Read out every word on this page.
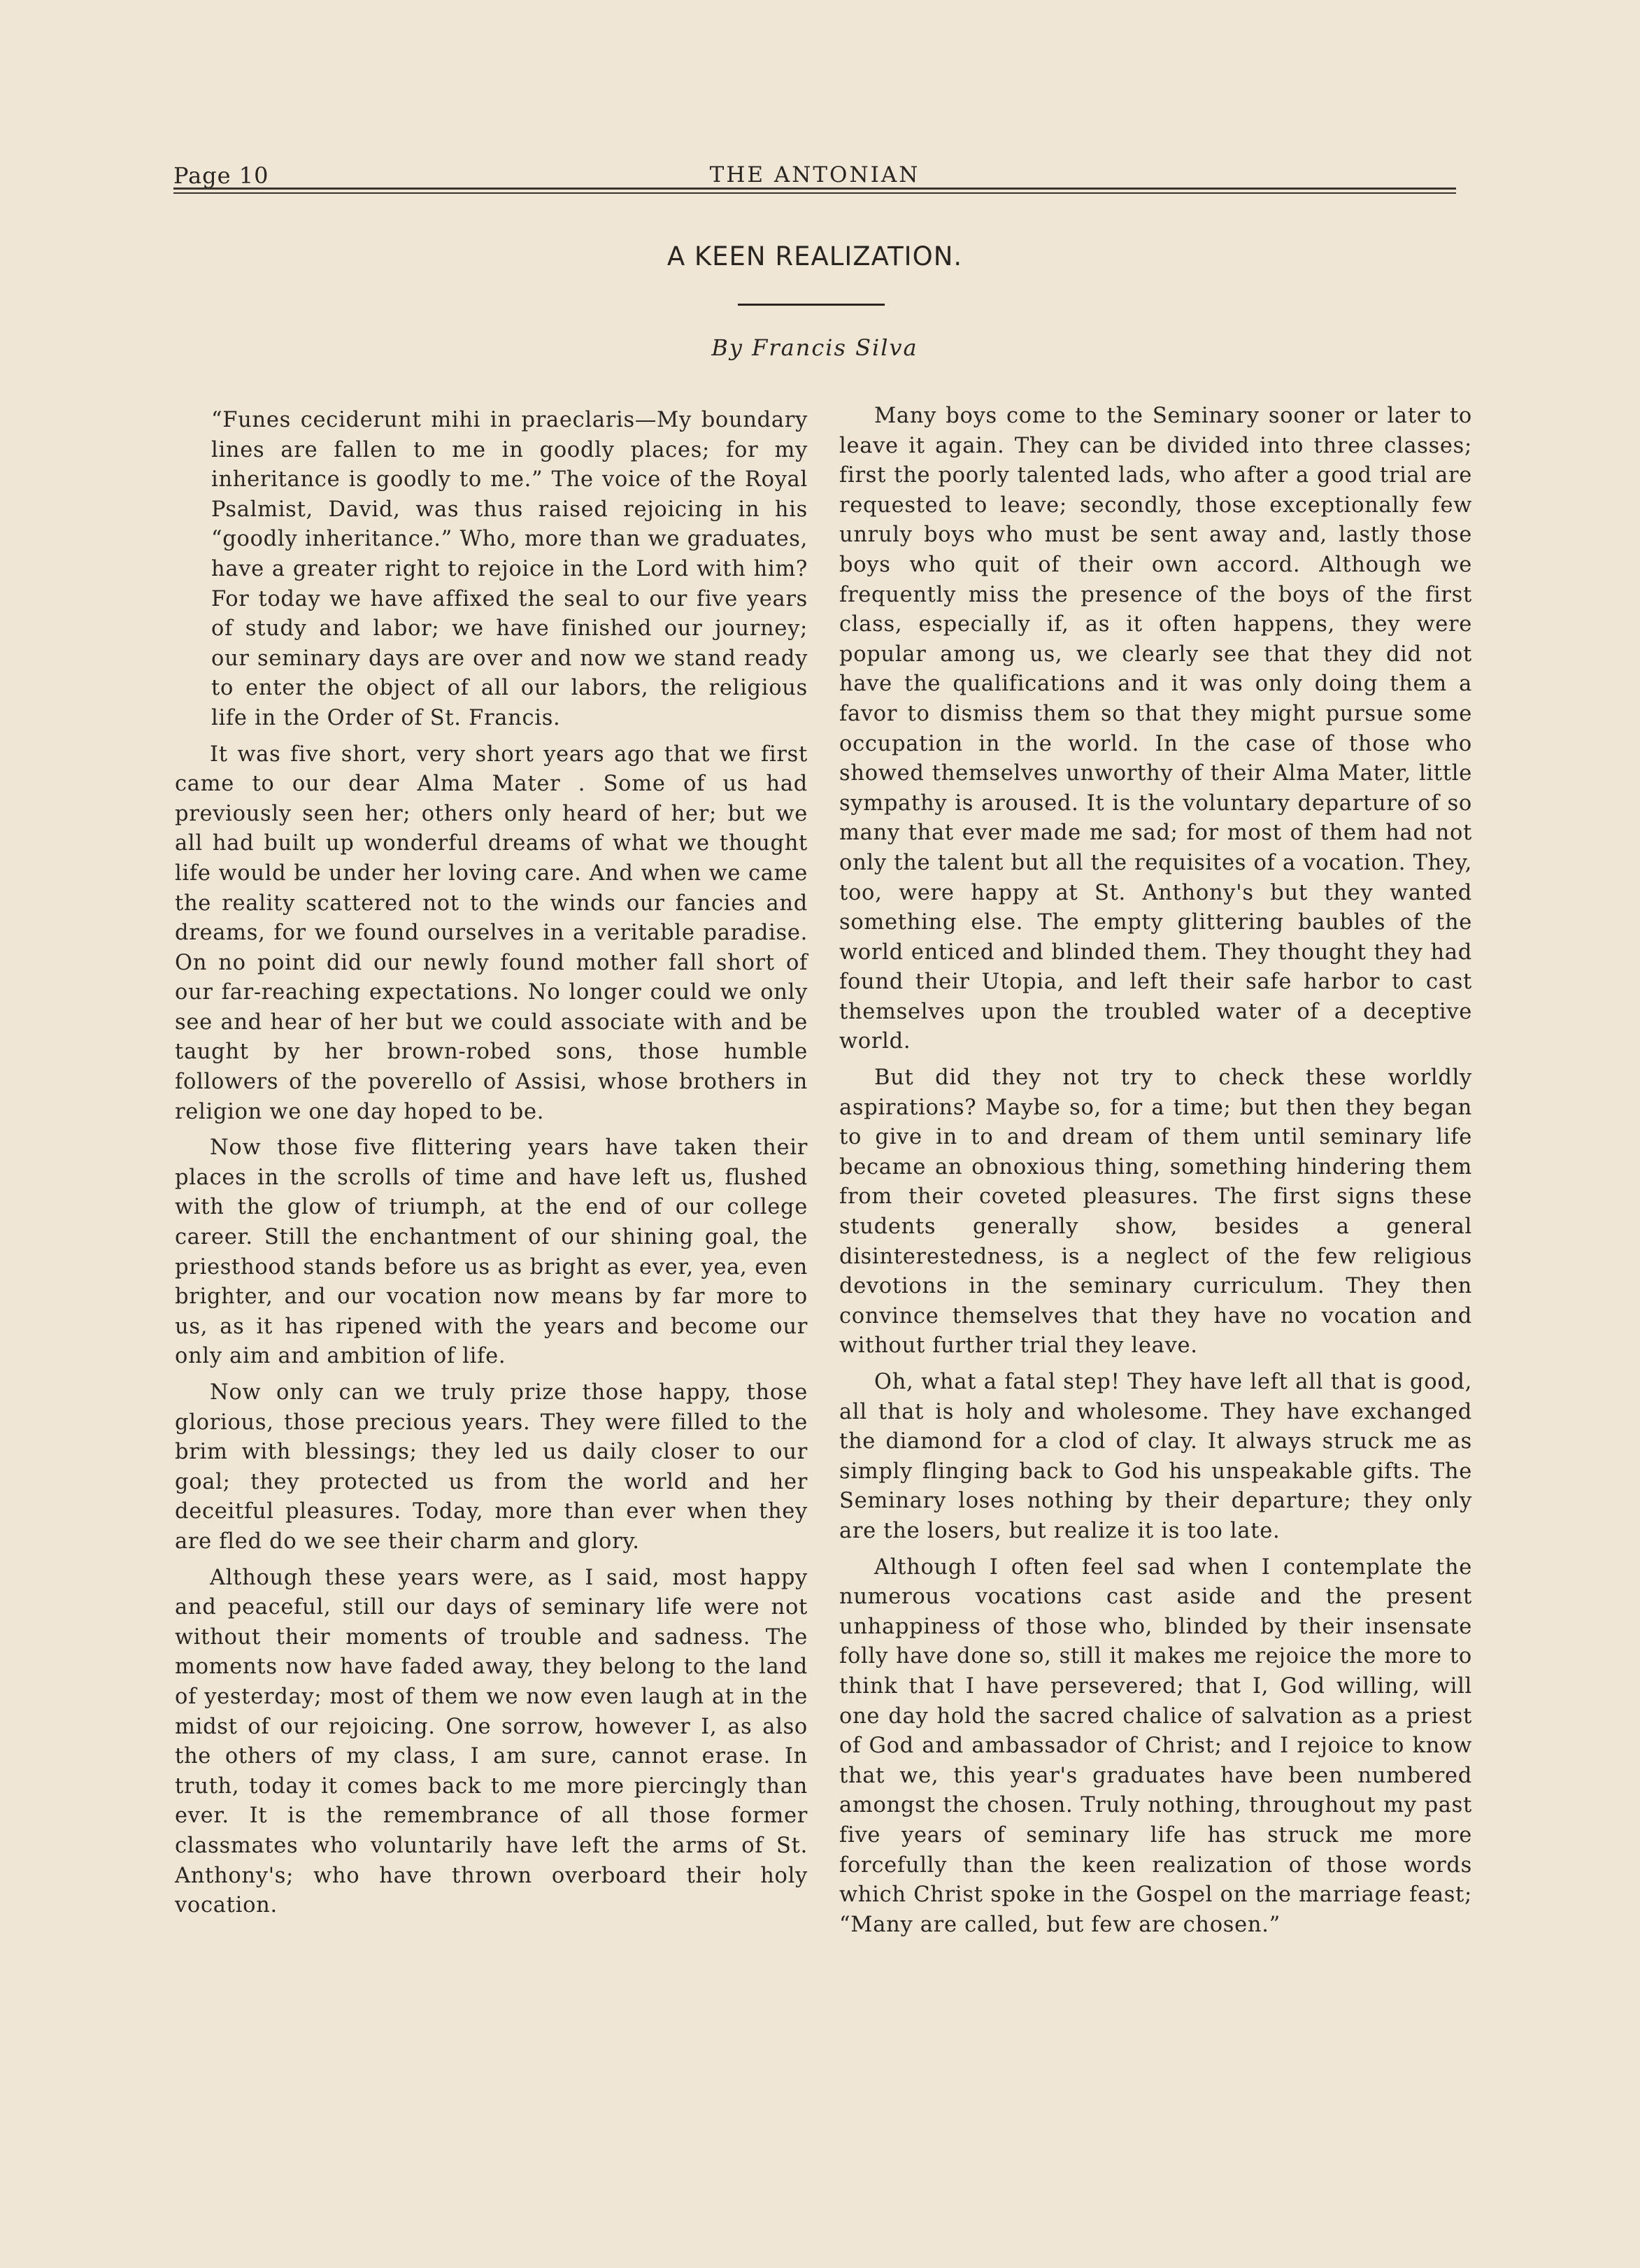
Page 10	THE ANTONIAN
A KEEN REALIZATION.
By Francis Silva

“Funes ceciderunt mihi in praeclaris—My boundary lines are fallen to me in goodly places; for my inheritance is goodly to me.” The voice of the Royal Psalmist, David, was thus raised rejoicing in his “goodly inheritance.” Who, more than we graduates, have a greater right to rejoice in the Lord with him? For today we have affixed the seal to our five years of study and labor; we have finished our journey; our seminary days are over and now we stand ready to enter the object of all our labors, the religious life in the Order of St. Francis.

It was five short, very short years ago that we first came to our dear Alma Mater . Some of us had previously seen her; others only heard of her; but we all had built up wonderful dreams of what we thought life would be under her loving care. And when we came the reality scattered not to the winds our fancies and dreams, for we found ourselves in a veritable paradise. On no point did our newly found mother fall short of our far-reaching expectations. No longer could we only see and hear of her but we could associate with and be taught by her brown-robed sons, those humble followers of the poverello of Assisi, whose brothers in religion we one day hoped to be.

Now those five flittering years have taken their places in the scrolls of time and have left us, flushed with the glow of triumph, at the end of our college career. Still the enchantment of our shining goal, the priesthood stands before us as bright as ever, yea, even brighter, and our vocation now means by far more to us, as it has ripened with the years and become our only aim and ambition of life.

Now only can we truly prize those happy, those glorious, those precious years. They were filled to the brim with blessings; they led us daily closer to our goal; they protected us from the world and her deceitful pleasures. Today, more than ever when they are fled do we see their charm and glory.

Although these years were, as I said, most happy and peaceful, still our days of seminary life were not without their moments of trouble and sadness. The moments now have faded away, they belong to the land of yesterday; most of them we now even laugh at in the midst of our rejoicing. One sorrow, however I, as also the others of my class, I am sure, cannot erase. In truth, today it comes back to me more piercingly than ever. It is the remembrance of all those former classmates who voluntarily have left the arms of St. Anthony's; who have thrown overboard their holy vocation.

Many boys come to the Seminary sooner or later to leave it again. They can be divided into three classes; first the poorly talented lads, who after a good trial are requested to leave; secondly, those exceptionally few unruly boys who must be sent away and, lastly those boys who quit of their own accord. Although we frequently miss the presence of the boys of the first class, especially if, as it often happens, they were popular among us, we clearly see that they did not have the qualifications and it was only doing them a favor to dismiss them so that they might pursue some occupation in the world. In the case of those who showed themselves unworthy of their Alma Mater, little sympathy is aroused. It is the voluntary departure of so many that ever made me sad; for most of them had not only the talent but all the requisites of a vocation. They, too, were happy at St. Anthony's but they wanted something else. The empty glittering baubles of the world enticed and blinded them. They thought they had found their Utopia, and left their safe harbor to cast themselves upon the troubled water of a deceptive world.

But did they not try to check these worldly aspirations? Maybe so, for a time; but then they began to give in to and dream of them until seminary life became an obnoxious thing, something hindering them from their coveted pleasures. The first signs these students generally show, besides a general disinterestedness, is a neglect of the few religious devotions in the seminary curriculum. They then convince themselves that they have no vocation and without further trial they leave.

Oh, what a fatal step! They have left all that is good, all that is holy and wholesome. They have exchanged the diamond for a clod of clay. It always struck me as simply flinging back to God his unspeakable gifts. The Seminary loses nothing by their departure; they only are the losers, but realize it is too late.

Although I often feel sad when I contemplate the numerous vocations cast aside and the present unhappiness of those who, blinded by their insensate folly have done so, still it makes me rejoice the more to think that I have persevered; that I, God willing, will one day hold the sacred chalice of salvation as a priest of God and ambassador of Christ; and I rejoice to know that we, this year's graduates have been numbered amongst the chosen. Truly nothing, throughout my past five years of seminary life has struck me more forcefully than the keen realization of those words which Christ spoke in the Gospel on the marriage feast; “Many are called, but few are chosen.”
